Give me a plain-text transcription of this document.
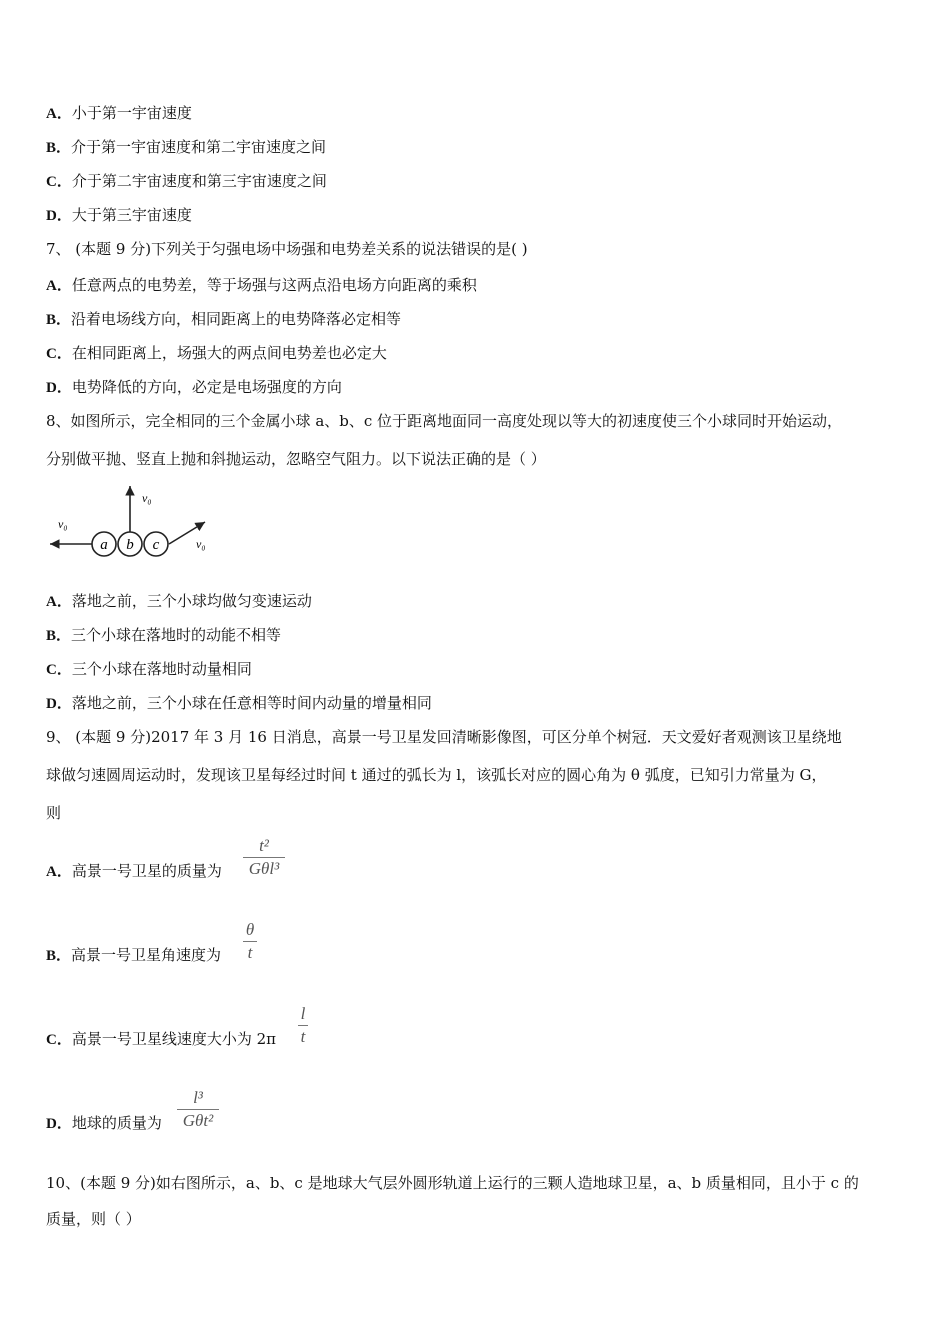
A．小于第一宇宙速度
B．介于第一宇宙速度和第二宇宙速度之间
C．介于第二宇宙速度和第三宇宙速度之间
D．大于第三宇宙速度
7、 (本题 9 分)下列关于匀强电场中场强和电势差关系的说法错误的是( )
A．任意两点的电势差，等于场强与这两点沿电场方向距离的乘积
B．沿着电场线方向，相同距离上的电势降落必定相等
C．在相同距离上，场强大的两点间电势差也必定大
D．电势降低的方向，必定是电场强度的方向
8、如图所示，完全相同的三个金属小球 a、b、c 位于距离地面同一高度处现以等大的初速度使三个小球同时开始运动，
分别做平抛、竖直上抛和斜抛运动，忽略空气阻力。以下说法正确的是（ ）
a b c
v₀
v₀
v₀
A．落地之前，三个小球均做匀变速运动
B．三个小球在落地时的动能不相等
C．三个小球在落地时动量相同
D．落地之前，三个小球在任意相等时间内动量的增量相同
9、 (本题 9 分)2017 年 3 月 16 日消息，高景一号卫星发回清晰影像图，可区分单个树冠．天文爱好者观测该卫星绕地
球做匀速圆周运动时，发现该卫星每经过时间 t 通过的弧长为 l，该弧长对应的圆心角为 θ 弧度，已知引力常量为 G，
则
A．高景一号卫星的质量为
t²
Gθl³
B．高景一号卫星角速度为
θ
t
C．高景一号卫星线速度大小为 2π
l
t
D．地球的质量为
l³
Gθt²
10、(本题 9 分)如右图所示，a、b、c 是地球大气层外圆形轨道上运行的三颗人造地球卫星，a、b 质量相同，且小于 c 的
质量，则（ ）
